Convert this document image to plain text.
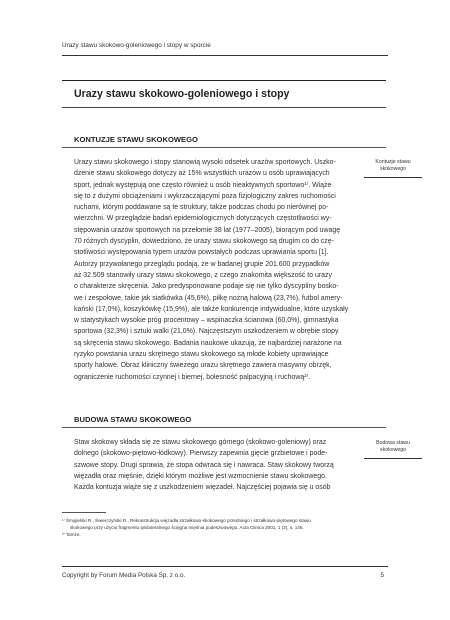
Urazy stawu skokowo-goleniowego i stopy w sporcie
Urazy stawu skokowo-goleniowego i stopy
KONTUZJE STAWU SKOKOWEGO
Kontuzje stawu
skokowego
Urazy stawu skokowego i stopy stanowią wysoki odsetek urazów sportowych. Uszko-
dzenie stawu skokowego dotyczy aż 15% wszystkich urazów u osób uprawiających
sport, jednak występują one często również u osób nieaktywnych sportowo¹⁾. Wiąże
się to z dużymi obciążeniami i wykrzaczającymi poza fizjologiczny zakres ruchomości
ruchami, którym poddawane są te struktury, także podczas chodu po nierównej po-
wierzchni. W przeglądzie badań epidemiologicznych dotyczących częstotliwości wy-
stępowania urazów sportowych na przełomie 38 lat (1977–2005), biorącym pod uwagę
70 różnych dyscyplin, dowiedziono, że urazy stawu skokowego są drugim co do czę-
stotliwości występowania typem urazów powstałych podczas uprawiania sportu [1].
Autorzy przywołanego przeglądu podają, że w badanej grupie 201.600 przypadków
aż 32.509 stanowiły urazy stawu skokowego, z czego znakomita większość to urazy
o charakterze skręcenia. Jako predysponowane podaje się nie tylko dyscypliny bosko-
we i zespołowe, takie jak siatkówka (45,6%), piłkę nożną halową (23,7%), futbol amery-
kański (17,0%), koszykówkę (15,9%), ale także konkurencje indywidualne, które uzyskały
w statystykach wysokie próg procentowy – wspinaczka ścianowa (60,0%), gimnastyka
sportowa (32,3%) i sztuki walki (21,0%). Najczęstszym uszkodzeniem w obrębie stopy
są skręcenia stawu skokowego. Badania naukowe ukazują, że najbardziej narażone na
ryzyko powstania urazu skrętnego stawu skokowego są młode kobiety uprawiające
sporty halowe. Obraz kliniczny świeżego urazu skrętnego zawiera masywny obrzęk,
ograniczenie ruchomości czynnej i biernej, bolesność palpacyjną i ruchową²⁾.
BUDOWA STAWU SKOKOWEGO
Budowa stawu
skokowego
Staw skokowy składa się ze stawu skokowego górnego (skokowo-goleniowy) oraz
dolnego (skokowo-piętowo-łódkowy). Pierwszy zapewnia gięcie grzbietowe i pode-
szwowe stopy. Drugi sprawia, że stopa odwraca się i nawraca. Staw skokowy tworzą
więzadła oraz mięśnie, dzięki którym możliwe jest wzmocnienie stawu skokowego.
Każda kontuzja wiąże się z uszkodzeniem więzadeł. Najczęściej pojawia się u osób
¹⁾ Śmigielski R., Świerczyński R., Rekonstrukcja więzadła strzałkowo-skokowego przedniego i strzałkowo-piętowego stawu
skokowego przy użyciu fragmentu ipsilateralnego ścięgna mięśnia podeszwowego. Acta Clinica 2001, 1 (2), s. 146.
²⁾ Tamże.
Copyright by Forum Media Polska Sp. z o.o.	5
